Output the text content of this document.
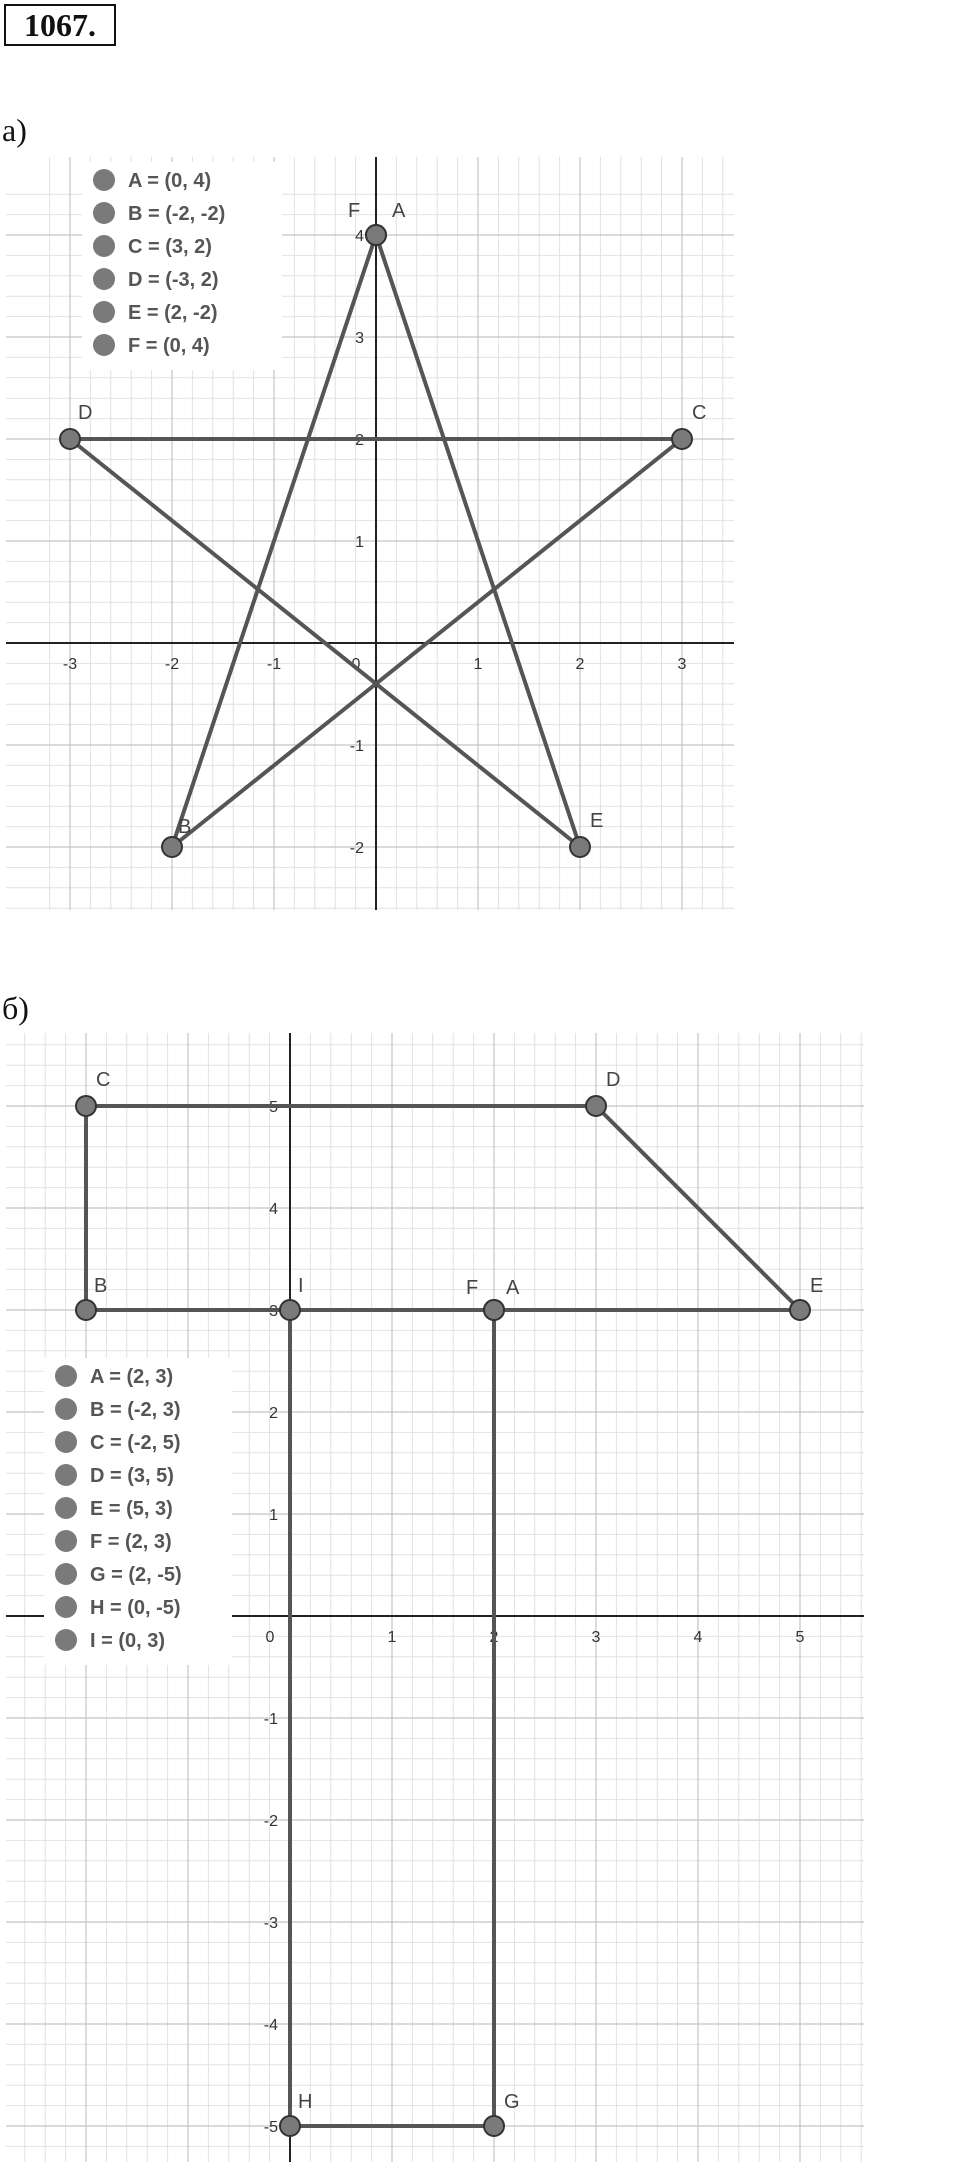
1067.
а)
б)
-3	-2	-1	0	1	2	3
-2
-1
1
2
3
4
A
B
C
D
E
F
A = (0, 4)
B = (-2, -2)
C = (3, 2)
D = (-3, 2)
E = (2, -2)
F = (0, 4)
0	1	2	3	4	5
-5
-4
-3
-2
-1
1
2
3
4
5
A
B
C	D
E
F
G
H
I
A = (2, 3)
B = (-2, 3)
C = (-2, 5)
D = (3, 5)
E = (5, 3)
F = (2, 3)
G = (2, -5)
H = (0, -5)
I = (0, 3)
